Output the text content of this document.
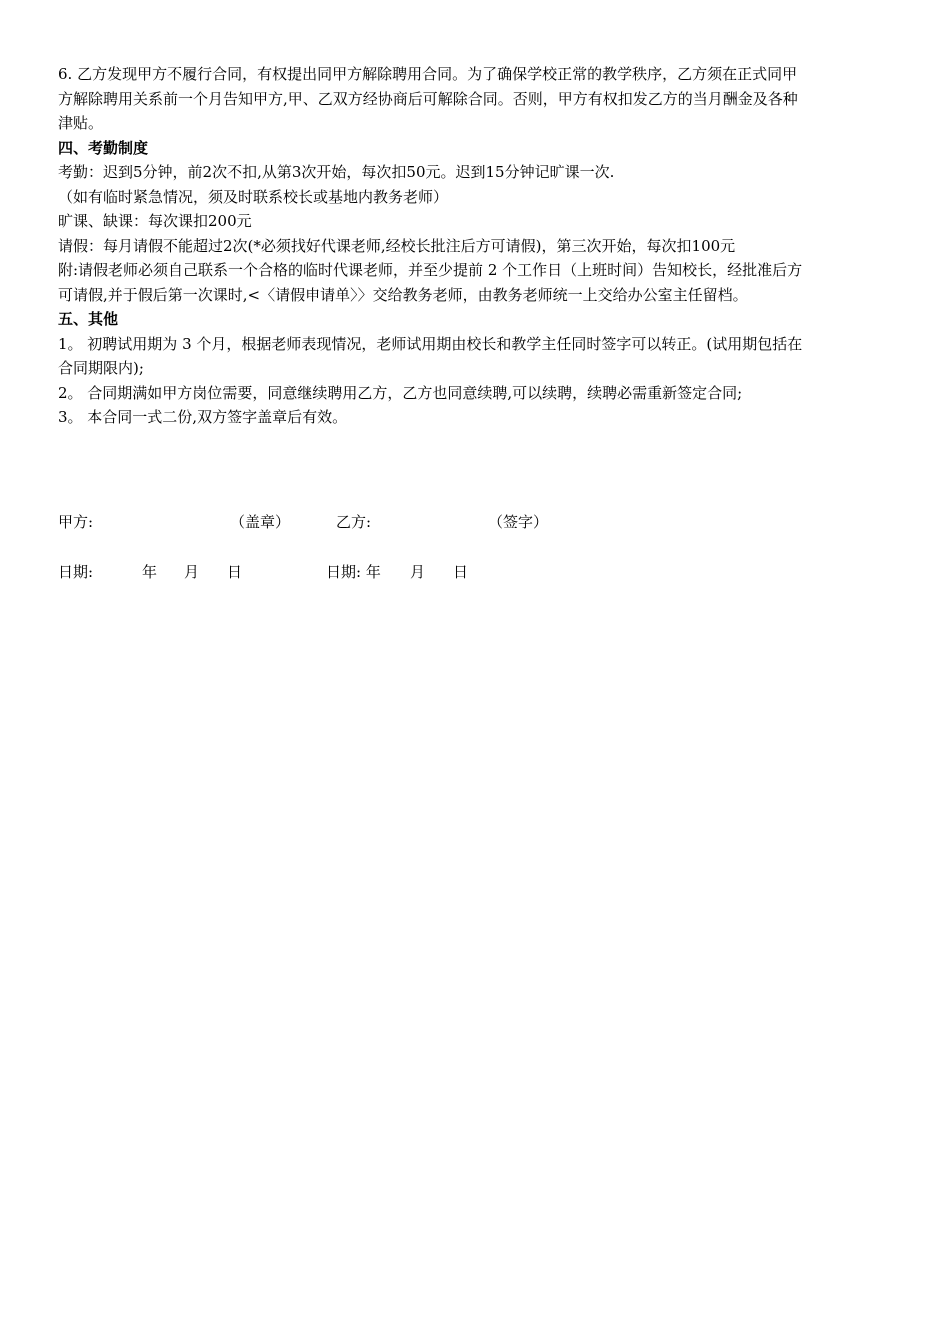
6. 乙方发现甲方不履行合同，有权提出同甲方解除聘用合同。为了确保学校正常的教学秩序，乙方须在正式同甲
方解除聘用关系前一个月告知甲方,甲、乙双方经协商后可解除合同。否则，甲方有权扣发乙方的当月酬金及各种
津贴。
四、考勤制度
考勤：迟到5分钟，前2次不扣,从第3次开始，每次扣50元。迟到15分钟记旷课一次.
（如有临时紧急情况，须及时联系校长或基地内教务老师）
旷课、缺课：每次课扣200元
请假：每月请假不能超过2次(*必须找好代课老师,经校长批注后方可请假)，第三次开始，每次扣100元
附:请假老师必须自己联系一个合格的临时代课老师，并至少提前 2 个工作日（上班时间）告知校长，经批准后方
可请假,并于假后第一次课时,<〈请假申请单〉〉交给教务老师，由教务老师统一上交给办公室主任留档。
五、其他
1。 初聘试用期为 3 个月，根据老师表现情况，老师试用期由校长和教学主任同时签字可以转正。(试用期包括在
合同期限内);
2。 合同期满如甲方岗位需要，同意继续聘用乙方，乙方也同意续聘,可以续聘，续聘必需重新签定合同;
3。 本合同一式二份,双方签字盖章后有效。
甲方:	（盖章）	乙方:	（签字）
日期:	年 月 日	日期: 年 月 日
